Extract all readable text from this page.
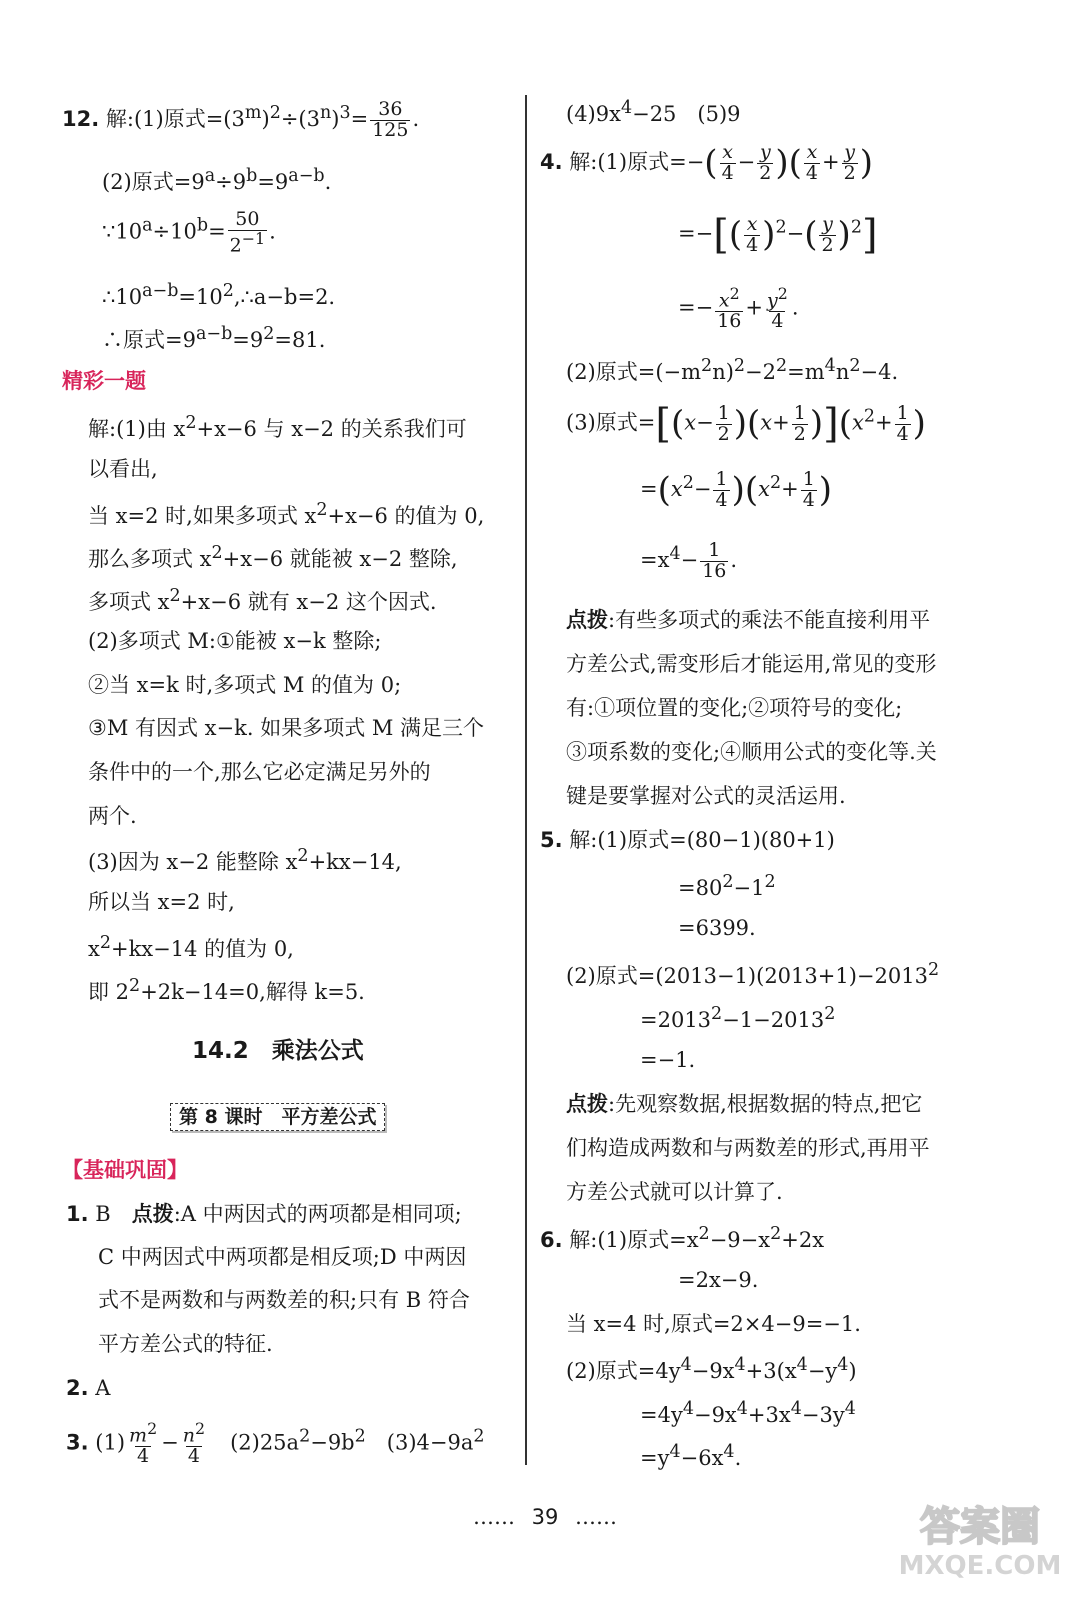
12. 解:(1)原式$=(3^m)^2\div(3^n)^3= \frac{36}{125}$ .
(2)原式$=9^a\div 9^b=9^{a-b}$.
$\because 10^a\div 10^b= \frac{50}{2^{-1}}$ .
$\therefore 10^{a-b}=10^2,\therefore a-b=2$.
∴原式$=9^{a-b}=9^2=81$.
精彩一题
解:(1)由 $x^2+x-6$ 与 x−2 的关系我们可
以看出,
当 x=2 时,如果多项式 $x^2+x-6$ 的值为 0,
那么多项式 $x^2+x-6$ 就能被 x−2 整除,
多项式 $x^2+x-6$ 就有 x−2 这个因式.
(2)多项式 M:①能被 x−k 整除;
②当 x=k 时,多项式 M 的值为 0;
③M 有因式 x−k. 如果多项式 M 满足三个
条件中的一个,那么它必定满足另外的
两个.
(3)因为 x−2 能整除 $x^2+kx-14$,
所以当 x=2 时,
$x^2+kx-14$ 的值为 0,
即 $2^2+2k-14=0$,解得 k=5.
14.2　乘法公式
第 8 课时　平方差公式
【基础巩固】
1. B　点拨:A 中两因式的两项都是相同项;
C 中两因式中两项都是相反项;D 中两因
式不是两数和与两数差的积;只有 B 符合
平方差公式的特征.
2. A
3. $(1) \frac{m^2}{4} - \frac{n^2}{4}$ 　$(2)25a^2-9b^2$　$(3)4-9a^2$
$(4)9x^4-25$　(5)9
4. 解:(1)原式=−( $\frac{x}{4} - \frac{y}{2}$ )( $\frac{x}{4} + \frac{y}{2}$ )
=−[( $\frac{x}{4} )^2-( \frac{y}{2} )^2$]
=− $\frac{x^2}{16} + \frac{y^2}{4}$ .
(2)原式$=(-m^2n)^2-2^2=m^4n^2-4$.
(3)原式$=[(x- \frac{1}{2} )(x+ \frac{1}{2} )](x^2+ \frac{1}{4}$ )
$=(x^2- \frac{1}{4} )(x^2+ \frac{1}{4}$ )
$=x^4- \frac{1}{16}$ .
点拨:有些多项式的乘法不能直接利用平
方差公式,需变形后才能运用,常见的变形
有:①项位置的变化;②项符号的变化;
③项系数的变化;④顺用公式的变化等.关
键是要掌握对公式的灵活运用.
5. 解:(1)原式=(80−1)(80+1)
$=80^2-1^2$
=6399.
(2)原式$=(2013-1)(2013+1)-2013^2$
$=2013^2-1-2013^2$
=−1.
点拨:先观察数据,根据数据的特点,把它
们构造成两数和与两数差的形式,再用平
方差公式就可以计算了.
6. 解:(1)原式$=x^2-9-x^2+2x$
=2x−9.
当 x=4 时,原式=2×4−9=−1.
(2)原式$=4y^4-9x^4+3(x^4-y^4)$
$=4y^4-9x^4+3x^4-3y^4$
$=y^4-6x^4$.
…… 39 ……	答案圈
MXQE.COM
